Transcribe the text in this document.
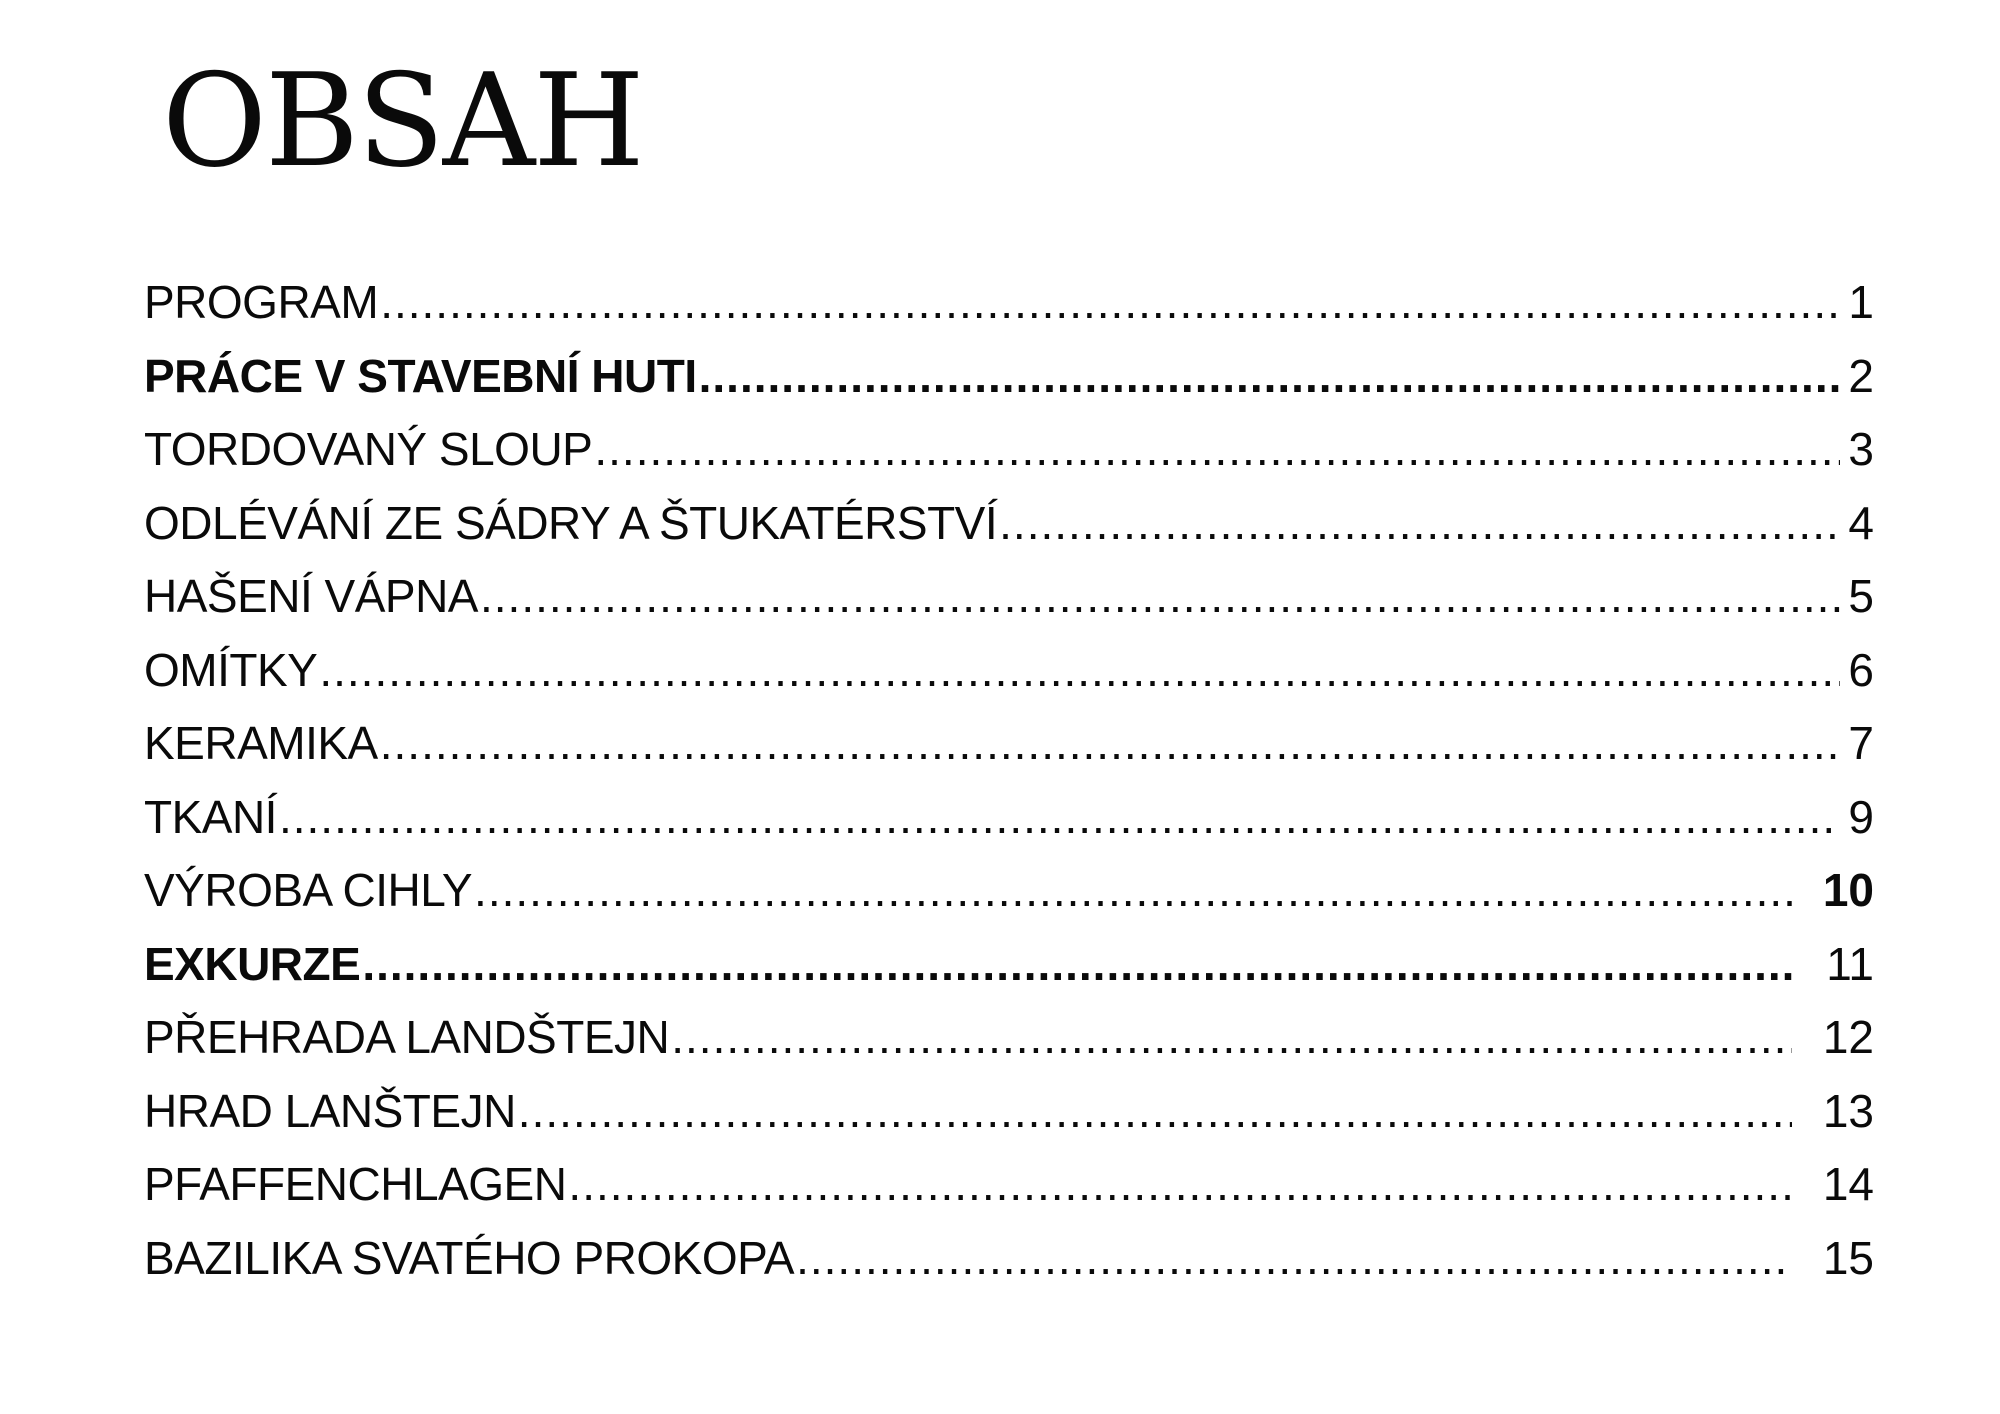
OBSAH
PROGRAM .....	1
PRÁCE V STAVEBNÍ HUTI .....	2
TORDOVANÝ SLOUP .....	3
ODLÉVÁNÍ ZE SÁDRY A ŠTUKATÉRSTVÍ .....	4
HAŠENÍ VÁPNA .....	5
OMÍTKY .....	6
KERAMIKA .....	7
TKANÍ .....	9
VÝROBA CIHLY .....	10
EXKURZE .....	11
PŘEHRADA LANDŠTEJN .....	12
HRAD LANŠTEJN .....	13
PFAFFENCHLAGEN .....	14
BAZILIKA SVATÉHO PROKOPA .....	15
